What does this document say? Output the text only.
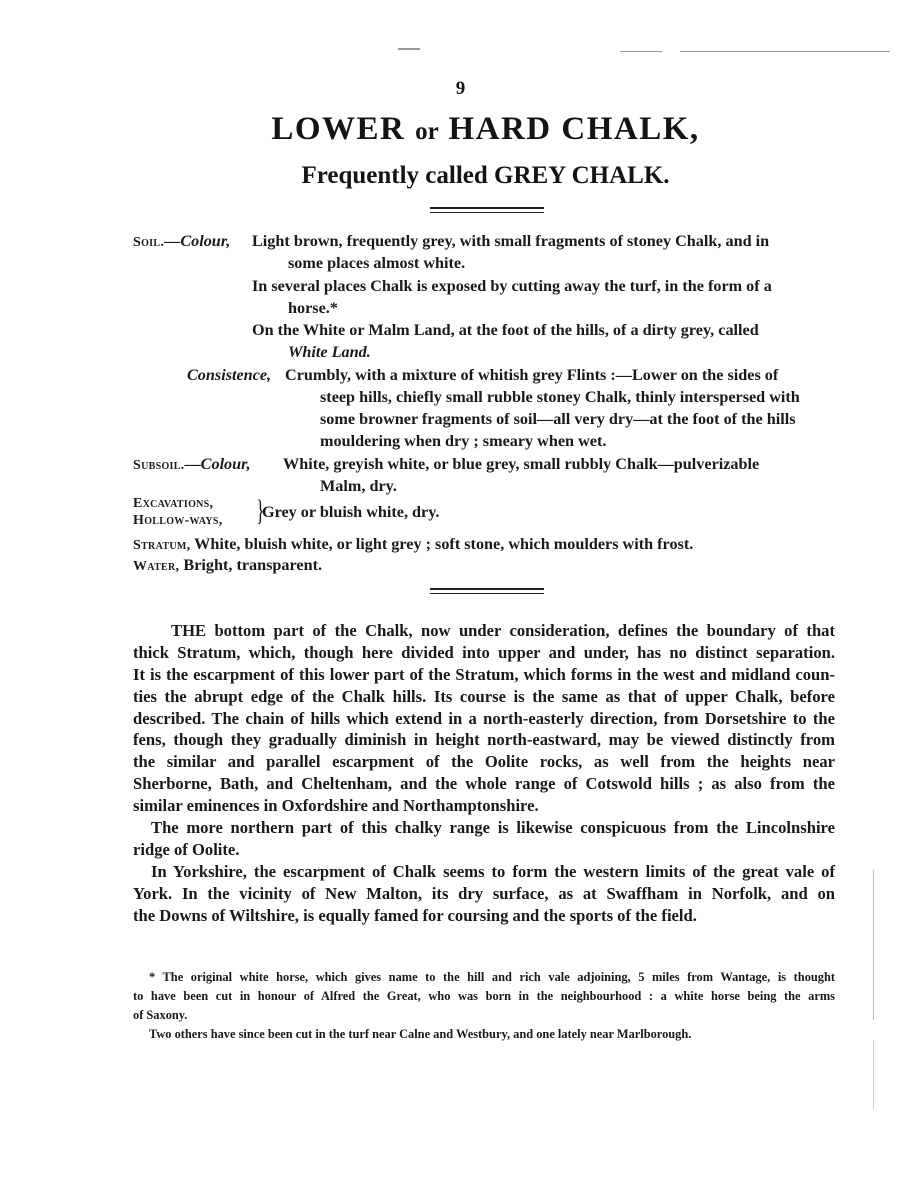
9
LOWER or HARD CHALK,
Frequently called GREY CHALK.
Soil.—Colour, Light brown, frequently grey, with small fragments of stoney Chalk, and in
some places almost white.
In several places Chalk is exposed by cutting away the turf, in the form of a
horse.*
On the White or Malm Land, at the foot of the hills, of a dirty grey, called
White Land.
Consistence, Crumbly, with a mixture of whitish grey Flints :—Lower on the sides of
steep hills, chiefly small rubble stoney Chalk, thinly interspersed with
some browner fragments of soil—all very dry—at the foot of the hills
mouldering when dry ; smeary when wet.
Subsoil.—Colour, White, greyish white, or blue grey, small rubbly Chalk—pulverizable
Malm, dry.
Excavations,
Hollow-ways, }
Grey or bluish white, dry.
Stratum, White, bluish white, or light grey ; soft stone, which moulders with frost.
Water, Bright, transparent.
THE bottom part of the Chalk, now under consideration, defines the boundary of that
thick Stratum, which, though here divided into upper and under, has no distinct separation.
It is the escarpment of this lower part of the Stratum, which forms in the west and midland coun-
ties the abrupt edge of the Chalk hills. Its course is the same as that of upper Chalk, before
described. The chain of hills which extend in a north-easterly direction, from Dorsetshire to the
fens, though they gradually diminish in height north-eastward, may be viewed distinctly from
the similar and parallel escarpment of the Oolite rocks, as well from the heights near
Sherborne, Bath, and Cheltenham, and the whole range of Cotswold hills ; as also from the
similar eminences in Oxfordshire and Northamptonshire.
The more northern part of this chalky range is likewise conspicuous from the Lincolnshire
ridge of Oolite.
In Yorkshire, the escarpment of Chalk seems to form the western limits of the great vale of
York. In the vicinity of New Malton, its dry surface, as at Swaffham in Norfolk, and on
the Downs of Wiltshire, is equally famed for coursing and the sports of the field.
* The original white horse, which gives name to the hill and rich vale adjoining, 5 miles from Wantage, is thought
to have been cut in honour of Alfred the Great, who was born in the neighbourhood : a white horse being the arms
of Saxony.
Two others have since been cut in the turf near Calne and Westbury, and one lately near Marlborough.
